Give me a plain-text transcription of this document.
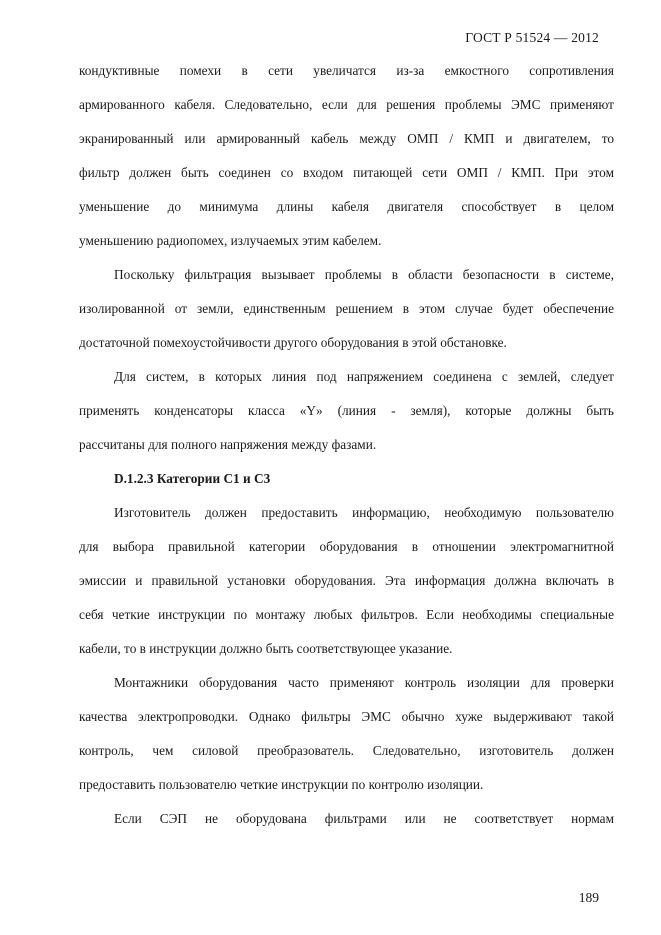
ГОСТ Р 51524 — 2012
кондуктивные помехи в сети увеличатся из-за емкостного сопротивления
армированного кабеля. Следовательно, если для решения проблемы ЭМС применяют
экранированный или армированный кабель между ОМП / КМП и двигателем, то
фильтр должен быть соединен со входом питающей сети ОМП / КМП. При этом
уменьшение до минимума длины кабеля двигателя способствует в целом
уменьшению радиопомех, излучаемых этим кабелем.
Поскольку фильтрация вызывает проблемы в области безопасности в системе,
изолированной от земли, единственным решением в этом случае будет обеспечение
достаточной помехоустойчивости другого оборудования в этой обстановке.
Для систем, в которых линия под напряжением соединена с землей, следует
применять конденсаторы класса «Y» (линия - земля), которые должны быть
рассчитаны для полного напряжения между фазами.
D.1.2.3 Категории С1 и С3
Изготовитель должен предоставить информацию, необходимую пользователю
для выбора правильной категории оборудования в отношении электромагнитной
эмиссии и правильной установки оборудования. Эта информация должна включать в
себя четкие инструкции по монтажу любых фильтров. Если необходимы специальные
кабели, то в инструкции должно быть соответствующее указание.
Монтажники оборудования часто применяют контроль изоляции для проверки
качества электропроводки. Однако фильтры ЭМС обычно хуже выдерживают такой
контроль, чем силовой преобразователь. Следовательно, изготовитель должен
предоставить пользователю четкие инструкции по контролю изоляции.
Если СЭП не оборудована фильтрами или не соответствует нормам
189
